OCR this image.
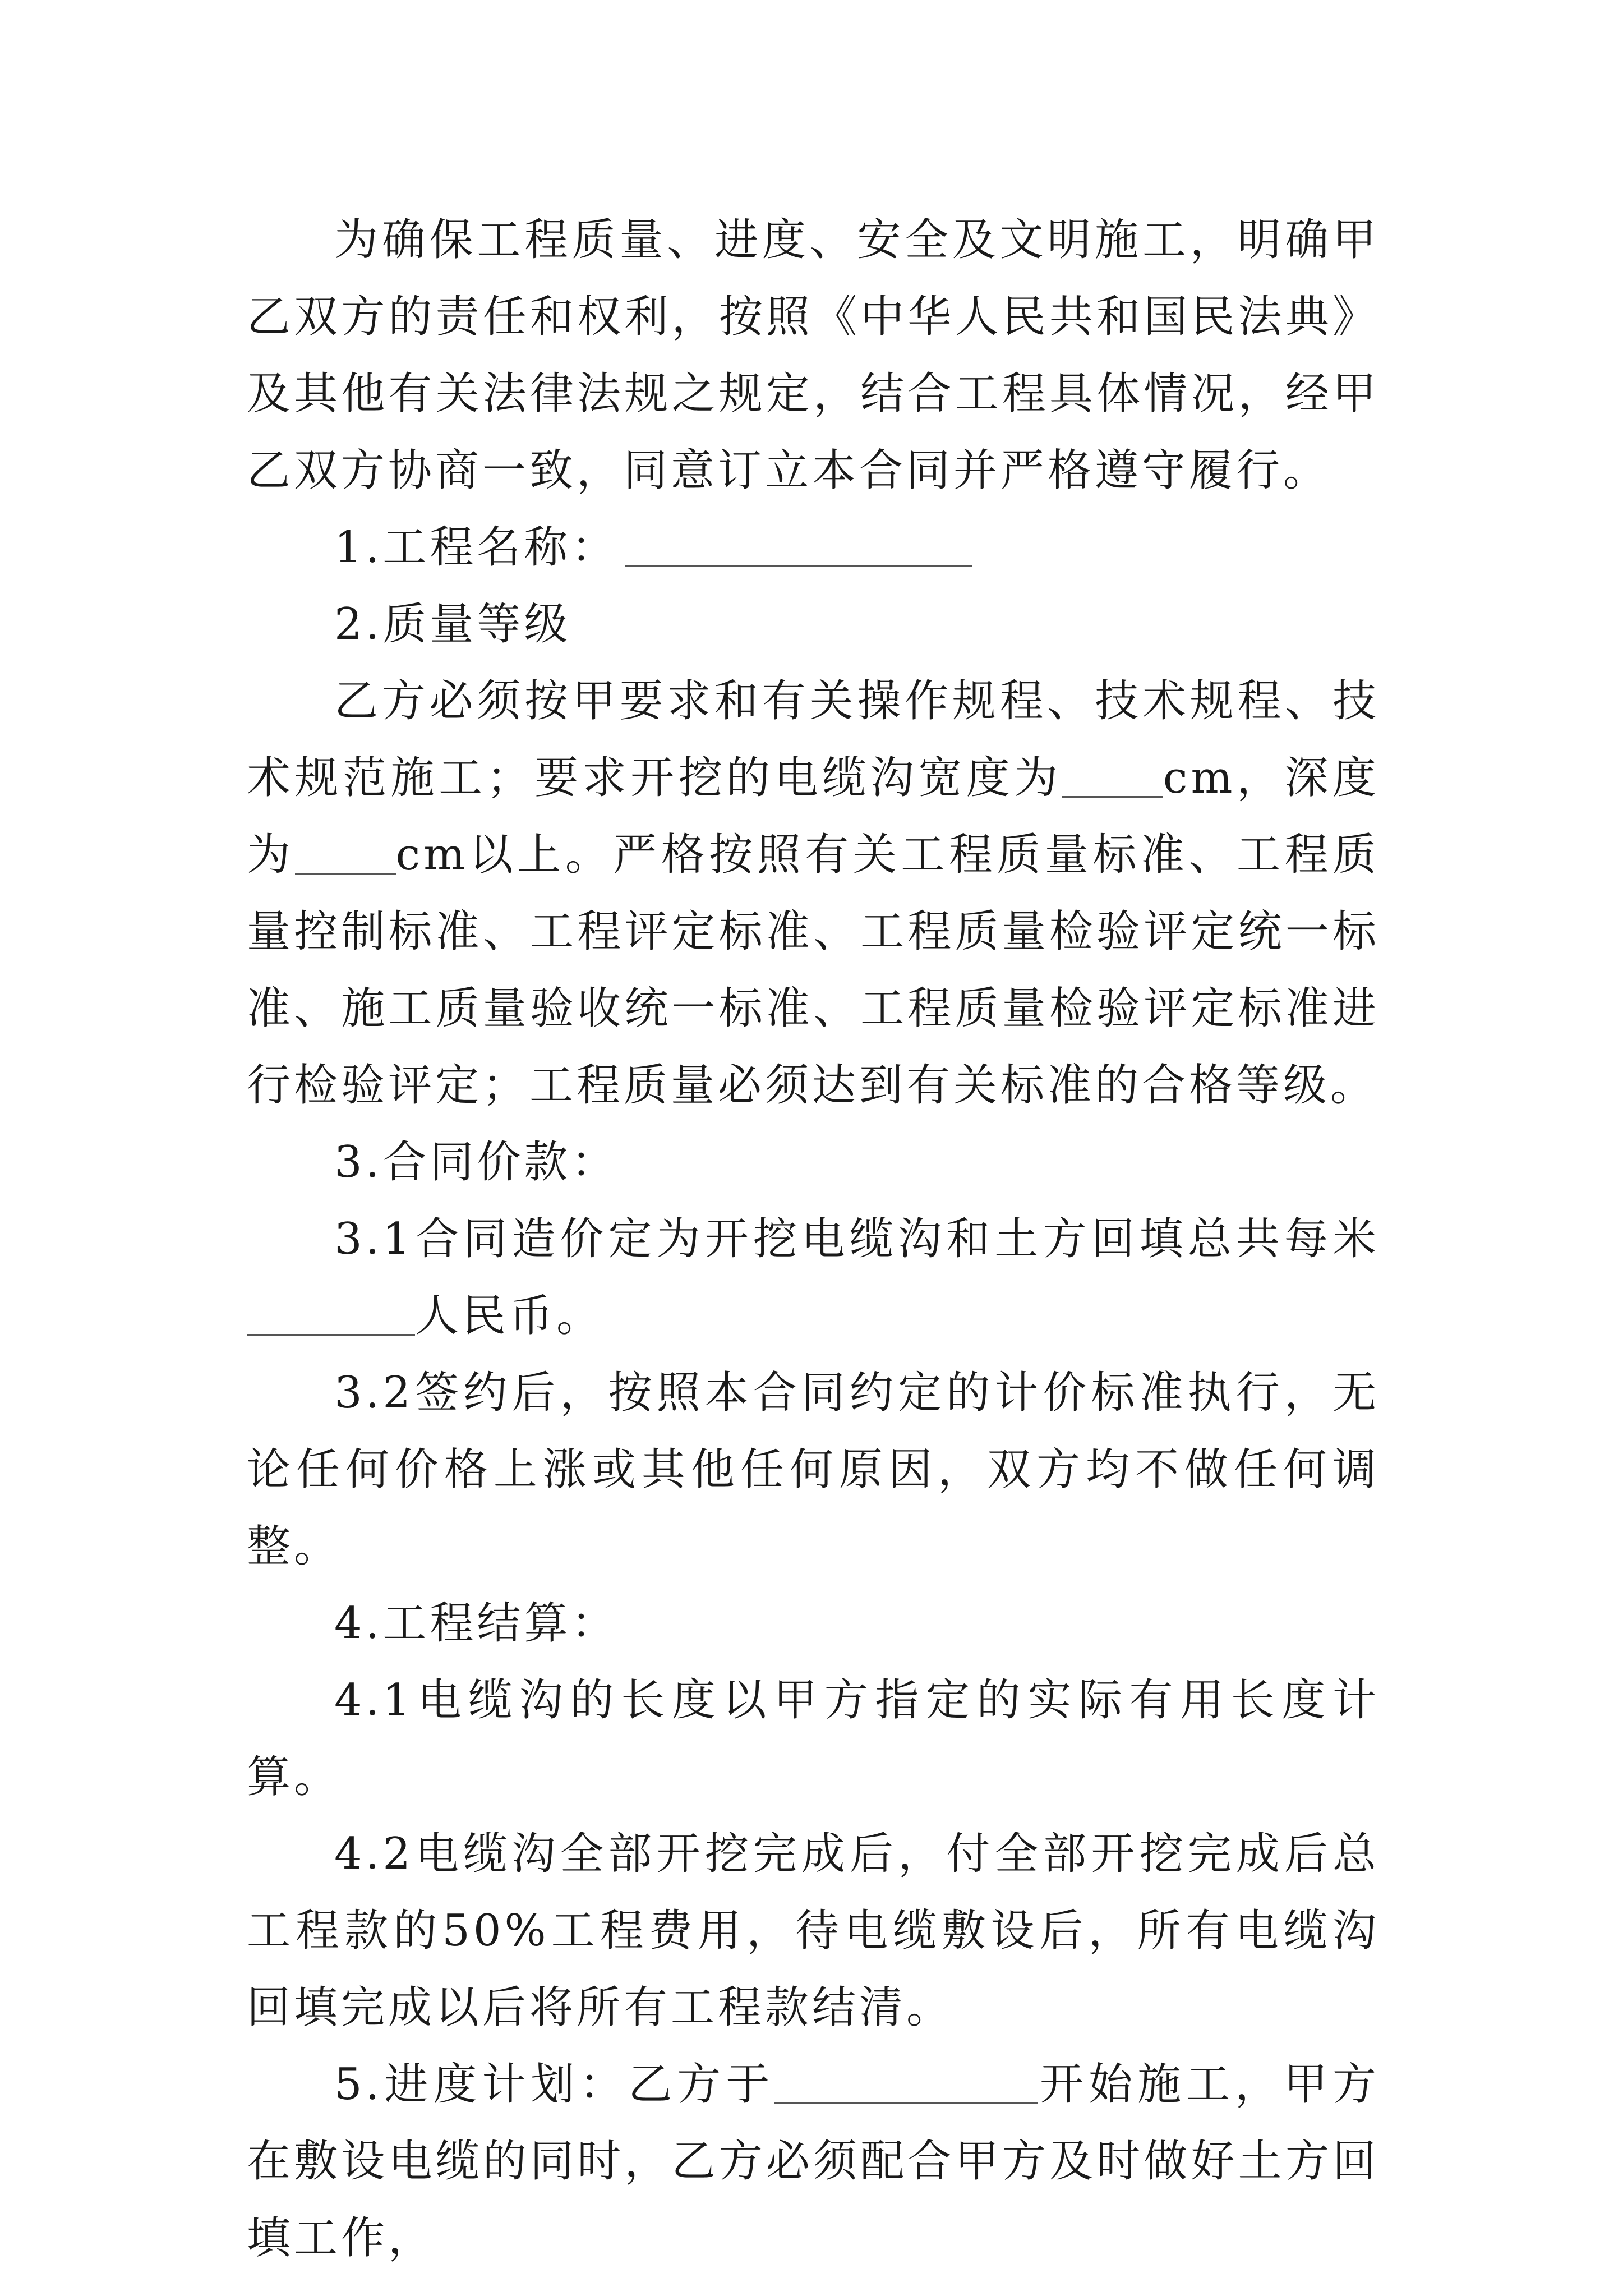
为确保工程质量、进度、安全及文明施工，明确甲乙双方的责任和权利，按照《中华人民共和国民法典》及其他有关法律法规之规定，结合工程具体情况，经甲乙双方协商一致，同意订立本合同并严格遵守履行。

1.工程名称：

2.质量等级

乙方必须按甲要求和有关操作规程、技术规程、技术规范施工；要求开挖的电缆沟宽度为 cm，深度为 cm以上。严格按照有关工程质量标准、工程质量控制标准、工程评定标准、工程质量检验评定统一标准、施工质量验收统一标准、工程质量检验评定标准进行检验评定；工程质量必须达到有关标准的合格等级。

3.合同价款：

3.1合同造价定为开挖电缆沟和土方回填总共每米人民币。

3.2签约后，按照本合同约定的计价标准执行，无论任何价格上涨或其他任何原因，双方均不做任何调整。

4.工程结算：

4.1电缆沟的长度以甲方指定的实际有用长度计算。

4.2电缆沟全部开挖完成后，付全部开挖完成后总工程款的50%工程费用，待电缆敷设后，所有电缆沟回填完成以后将所有工程款结清。

5.进度计划：乙方于	开始施工，甲方在敷设电缆的同时，乙方必须配合甲方及时做好土方回填工作，
